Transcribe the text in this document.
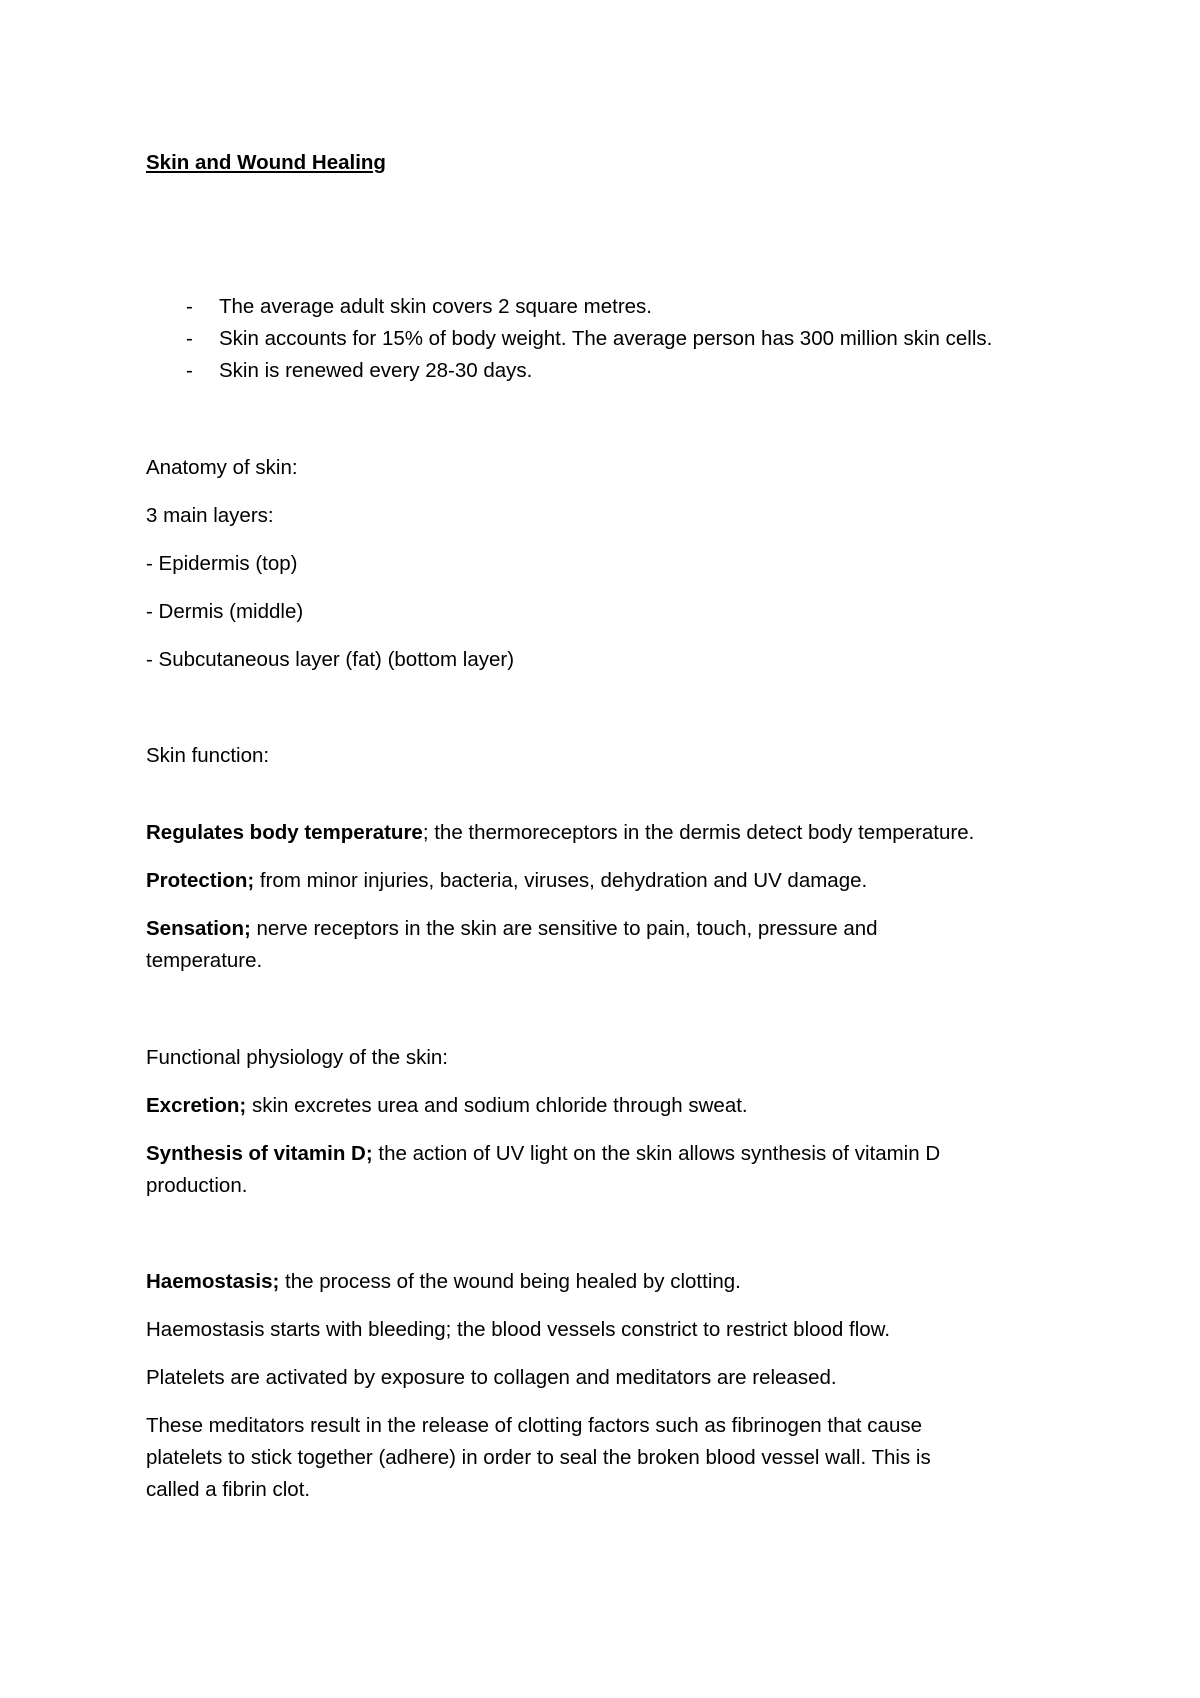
Skin and Wound Healing

- The average adult skin covers 2 square metres.

- Skin accounts for 15% of body weight. The average person has 300 million skin cells.

- Skin is renewed every 28-30 days.

Anatomy of skin:

3 main layers:

- Epidermis (top)

- Dermis (middle)

- Subcutaneous layer (fat) (bottom layer)

Skin function:

Regulates body temperature; the thermoreceptors in the dermis detect body temperature.

Protection; from minor injuries, bacteria, viruses, dehydration and UV damage.

Sensation; nerve receptors in the skin are sensitive to pain, touch, pressure and

temperature.

Functional physiology of the skin:

Excretion; skin excretes urea and sodium chloride through sweat.

Synthesis of vitamin D; the action of UV light on the skin allows synthesis of vitamin D

production.

Haemostasis; the process of the wound being healed by clotting.

Haemostasis starts with bleeding; the blood vessels constrict to restrict blood flow.

Platelets are activated by exposure to collagen and meditators are released.

These meditators result in the release of clotting factors such as fibrinogen that cause

platelets to stick together (adhere) in order to seal the broken blood vessel wall. This is

called a fibrin clot.
